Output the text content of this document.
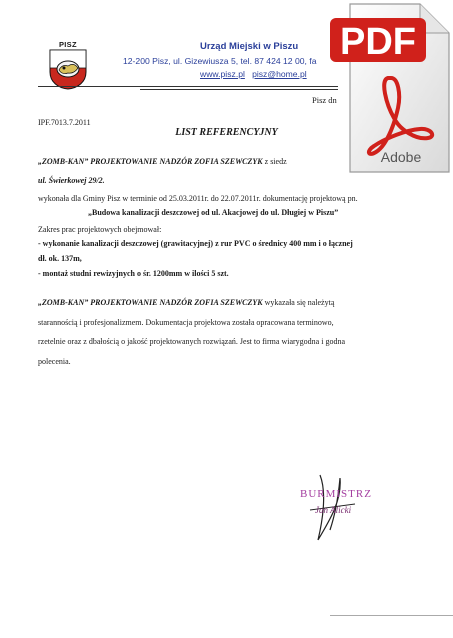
PISZ	Urząd Miejski w Piszu
12-200 Pisz, ul. Gizewiusza 5, tel. 87 424 12 00, fa
www.pisz.pl pisz@home.pl
Pisz dn
IPF.7013.7.2011
LIST REFERENCYJNY
„ZOMB-KAN” PROJEKTOWANIE NADZÓR ZOFIA SZEWCZYK z siedz
ul. Świerkowej 29/2.
wykonała dla Gminy Pisz w terminie od 25.03.2011r. do 22.07.2011r. dokumentację projektową pn.
„Budowa kanalizacji deszczowej od ul. Akacjowej do ul. Długiej w Piszu”
Zakres prac projektowych obejmował:
- wykonanie kanalizacji deszczowej (grawitacyjnej) z rur PVC o średnicy 400 mm i o łącznej
dł. ok. 137m,
- montaż studni rewizyjnych o śr. 1200mm w ilości 5 szt.
„ZOMB-KAN” PROJEKTOWANIE NADZÓR ZOFIA SZEWCZYK wykazała się należytą
starannością i profesjonalizmem. Dokumentacja projektowa została opracowana terminowo,
rzetelnie oraz z dbałością o jakość projektowanych rozwiązań. Jest to firma wiarygodna i godna
polecenia.
BURMISTRZ
Jan Alicki
PDF
Adobe
